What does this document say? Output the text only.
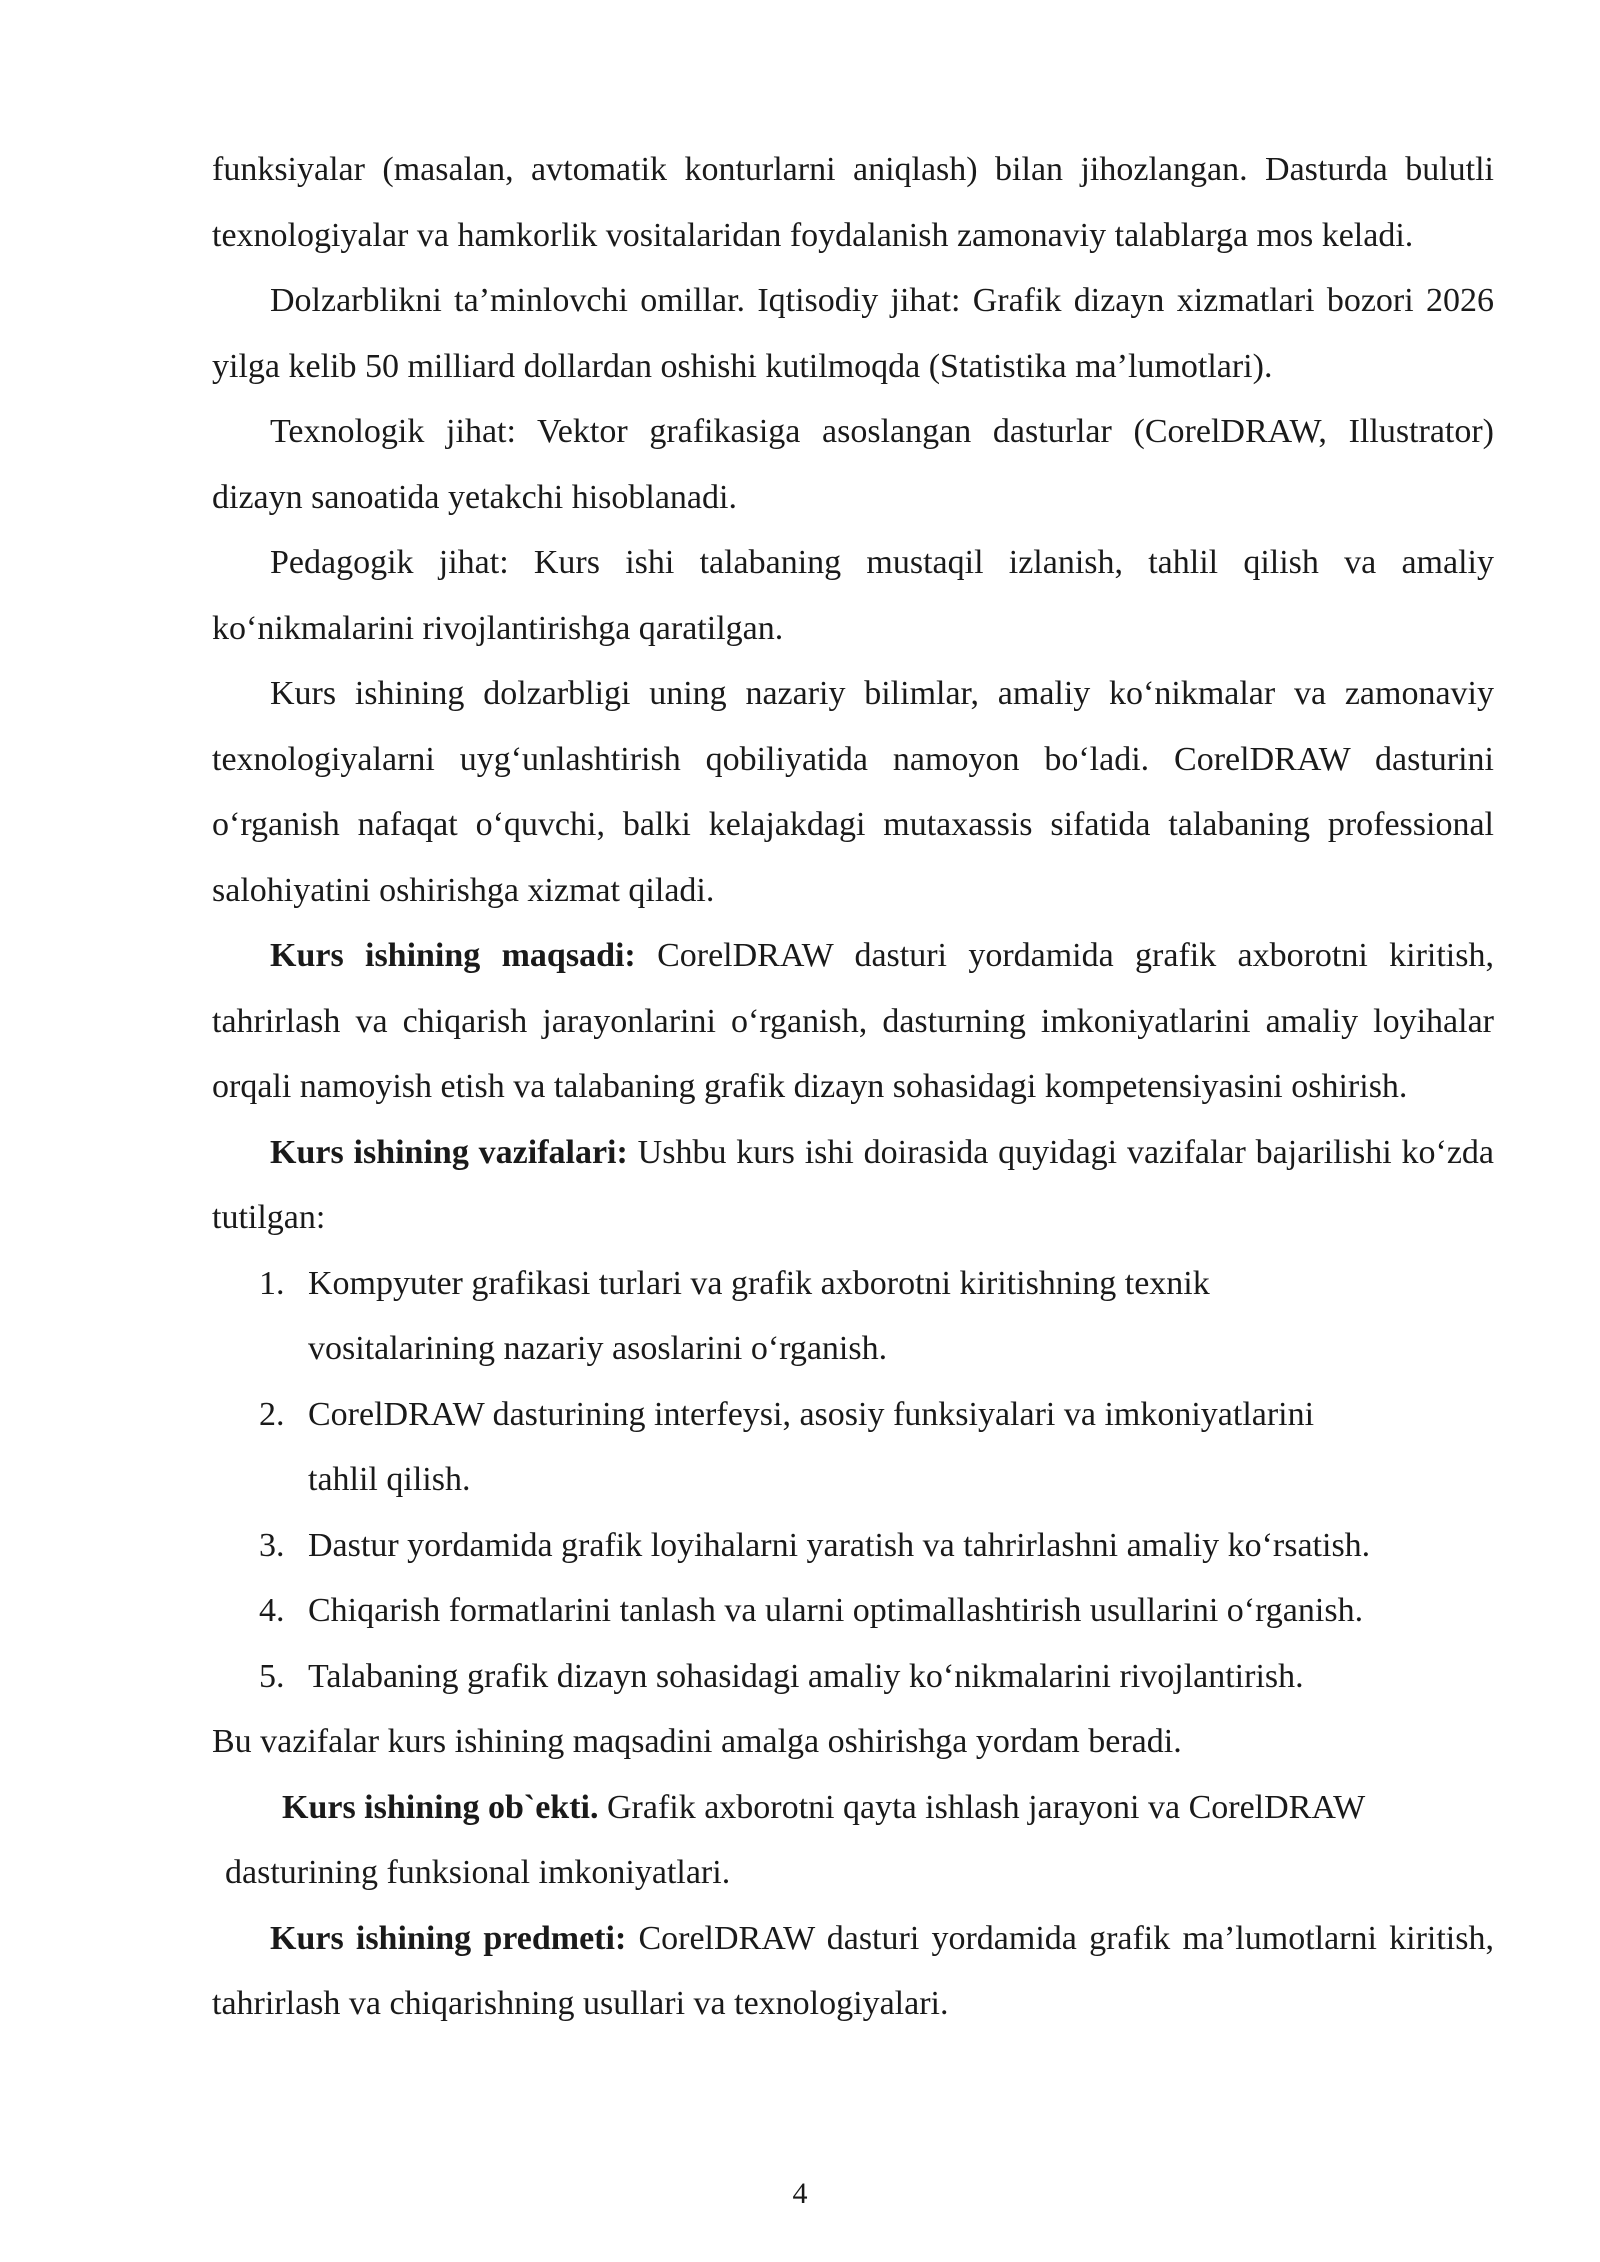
funksiyalar (masalan, avtomatik konturlarni aniqlash) bilan jihozlangan. Dasturda bulutli texnologiyalar va hamkorlik vositalaridan foydalanish zamonaviy talablarga mos keladi.

Dolzarblikni ta’minlovchi omillar. Iqtisodiy jihat: Grafik dizayn xizmatlari bozori 2026 yilga kelib 50 milliard dollardan oshishi kutilmoqda (Statistika ma’lumotlari).

Texnologik jihat: Vektor grafikasiga asoslangan dasturlar (CorelDRAW, Illustrator) dizayn sanoatida yetakchi hisoblanadi.

Pedagogik jihat: Kurs ishi talabaning mustaqil izlanish, tahlil qilish va amaliy ko‘nikmalarini rivojlantirishga qaratilgan.

Kurs ishining dolzarbligi uning nazariy bilimlar, amaliy ko‘nikmalar va zamonaviy texnologiyalarni uyg‘unlashtirish qobiliyatida namoyon bo‘ladi. CorelDRAW dasturini o‘rganish nafaqat o‘quvchi, balki kelajakdagi mutaxassis sifatida talabaning professional salohiyatini oshirishga xizmat qiladi.

Kurs ishining maqsadi: CorelDRAW dasturi yordamida grafik axborotni kiritish, tahrirlash va chiqarish jarayonlarini o‘rganish, dasturning imkoniyatlarini amaliy loyihalar orqali namoyish etish va talabaning grafik dizayn sohasidagi kompetensiyasini oshirish.

Kurs ishining vazifalari: Ushbu kurs ishi doirasida quyidagi vazifalar bajarilishi ko‘zda tutilgan:

1. Kompyuter grafikasi turlari va grafik axborotni kiritishning texnik vositalarining nazariy asoslarini o‘rganish.
2. CorelDRAW dasturining interfeysi, asosiy funksiyalari va imkoniyatlarini tahlil qilish.
3. Dastur yordamida grafik loyihalarni yaratish va tahrirlashni amaliy ko‘rsatish.
4. Chiqarish formatlarini tanlash va ularni optimallashtirish usullarini o‘rganish.
5. Talabaning grafik dizayn sohasidagi amaliy ko‘nikmalarini rivojlantirish.

Bu vazifalar kurs ishining maqsadini amalga oshirishga yordam beradi.

Kurs ishining ob`ekti. Grafik axborotni qayta ishlash jarayoni va CorelDRAW

dasturining funksional imkoniyatlari.

Kurs ishining predmeti: CorelDRAW dasturi yordamida grafik ma’lumotlarni kiritish, tahrirlash va chiqarishning usullari va texnologiyalari.

4
